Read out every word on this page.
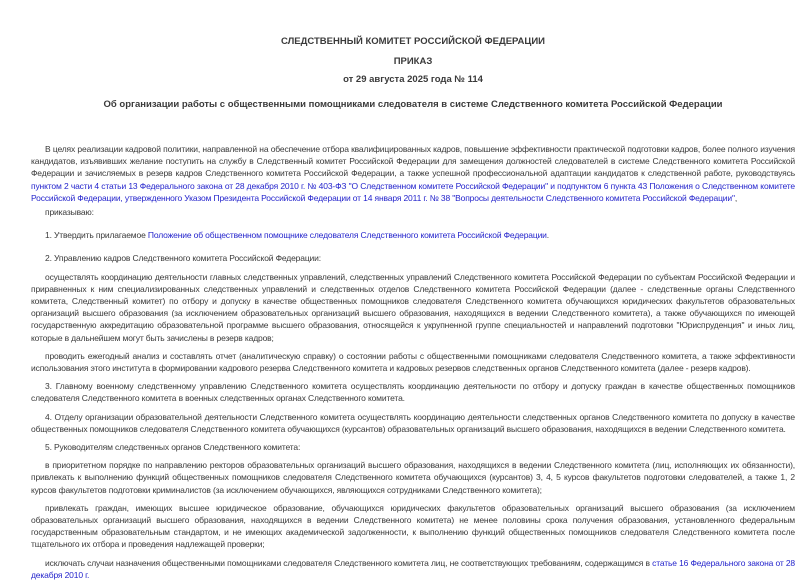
СЛЕДСТВЕННЫЙ КОМИТЕТ РОССИЙСКОЙ ФЕДЕРАЦИИ

ПРИКАЗ

от 29 августа 2025 года № 114

Об организации работы с общественными помощниками следователя в системе Следственного комитета Российской Федерации

В целях реализации кадровой политики, направленной на обеспечение отбора квалифицированных кадров, повышение эффективности практической подготовки кадров, более полного изучения кандидатов, изъявивших желание поступить на службу в Следственный комитет Российской Федерации для замещения должностей следователей в системе Следственного комитета Российской Федерации и зачисляемых в резерв кадров Следственного комитета Российской Федерации, а также успешной профессиональной адаптации кандидатов к следственной работе, руководствуясь пунктом 2 части 4 статьи 13 Федерального закона от 28 декабря 2010 г. № 403-ФЗ "О Следственном комитете Российской Федерации" и подпунктом 6 пункта 43 Положения о Следственном комитете Российской Федерации, утвержденного Указом Президента Российской Федерации от 14 января 2011 г. № 38 "Вопросы деятельности Следственного комитета Российской Федерации",

приказываю:

1. Утвердить прилагаемое Положение об общественном помощнике следователя Следственного комитета Российской Федерации.

2. Управлению кадров Следственного комитета Российской Федерации:

осуществлять координацию деятельности главных следственных управлений, следственных управлений Следственного комитета Российской Федерации по субъектам Российской Федерации и приравненных к ним специализированных следственных управлений и следственных отделов Следственного комитета Российской Федерации (далее - следственные органы Следственного комитета, Следственный комитет) по отбору и допуску в качестве общественных помощников следователя Следственного комитета обучающихся юридических факультетов образовательных организаций высшего образования (за исключением образовательных организаций высшего образования, находящихся в ведении Следственного комитета), а также обучающихся по имеющей государственную аккредитацию образовательной программе высшего образования, относящейся к укрупненной группе специальностей и направлений подготовки "Юриспруденция" и иных лиц, которые в дальнейшем могут быть зачислены в резерв кадров;

проводить ежегодный анализ и составлять отчет (аналитическую справку) о состоянии работы с общественными помощниками следователя Следственного комитета, а также эффективности использования этого института в формировании кадрового резерва Следственного комитета и кадровых резервов следственных органов Следственного комитета (далее - резерв кадров).

3. Главному военному следственному управлению Следственного комитета осуществлять координацию деятельности по отбору и допуску граждан в качестве общественных помощников следователя Следственного комитета в военных следственных органах Следственного комитета.

4. Отделу организации образовательной деятельности Следственного комитета осуществлять координацию деятельности следственных органов Следственного комитета по допуску в качестве общественных помощников следователя Следственного комитета обучающихся (курсантов) образовательных организаций высшего образования, находящихся в ведении Следственного комитета.

5. Руководителям следственных органов Следственного комитета:

в приоритетном порядке по направлению ректоров образовательных организаций высшего образования, находящихся в ведении Следственного комитета (лиц, исполняющих их обязанности), привлекать к выполнению функций общественных помощников следователя Следственного комитета обучающихся (курсантов) 3, 4, 5 курсов факультетов подготовки следователей, а также 1, 2 курсов факультетов подготовки криминалистов (за исключением обучающихся, являющихся сотрудниками Следственного комитета);

привлекать граждан, имеющих высшее юридическое образование, обучающихся юридических факультетов образовательных организаций высшего образования (за исключением образовательных организаций высшего образования, находящихся в ведении Следственного комитета) не менее половины срока получения образования, установленного федеральным государственным образовательным стандартом, и не имеющих академической задолженности, к выполнению функций общественных помощников следователя Следственного комитета после тщательного их отбора и проведения надлежащей проверки;

исключать случаи назначения общественными помощниками следователя Следственного комитета лиц, не соответствующих требованиям, содержащимся в статье 16 Федерального закона от 28 декабря 2010 г.
